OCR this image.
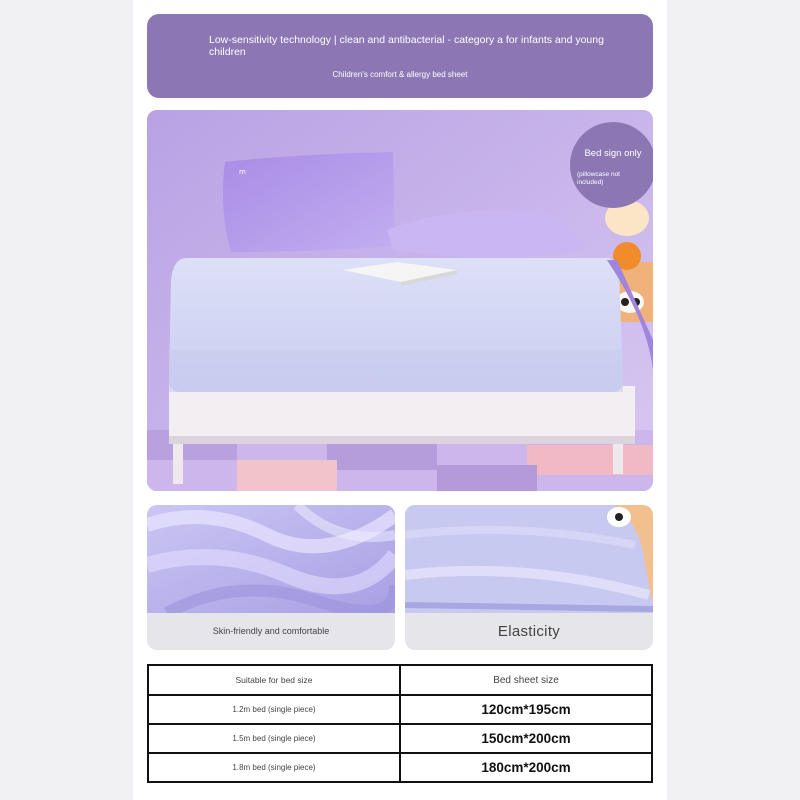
Low-sensitivity technology | clean and antibacterial - category a for infants and young children
Children's comfort & allergy bed sheet
m
Bed sign only
(pillowcase not included)
Skin-friendly and comfortable	Elasticity
Suitable for bed size	Bed sheet size
1.2m bed (single piece)	120cm*195cm
1.5m bed (single piece)	150cm*200cm
1.8m bed (single piece)	180cm*200cm
